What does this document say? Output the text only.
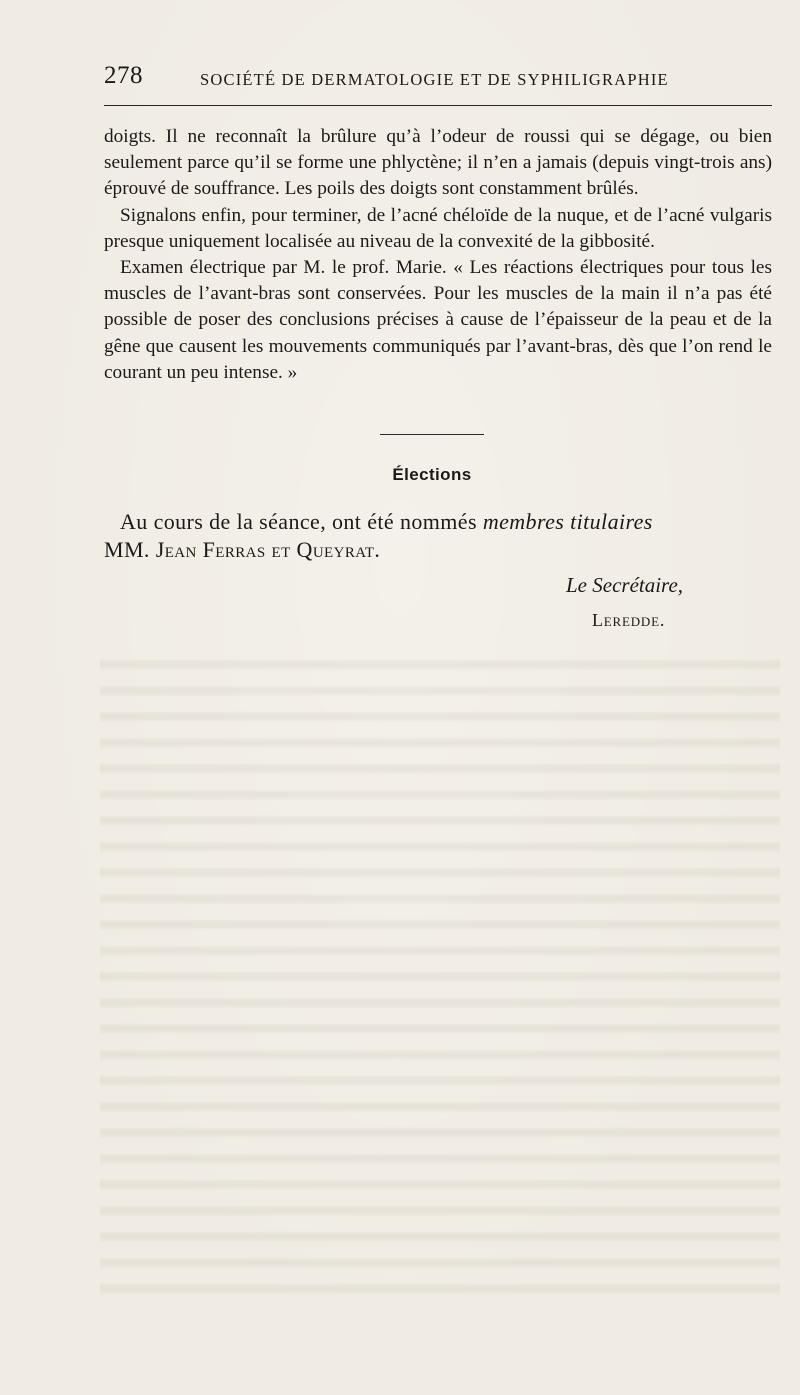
278	SOCIÉTÉ DE DERMATOLOGIE ET DE SYPHILIGRAPHIE

doigts. Il ne reconnaît la brûlure qu’à l’odeur de roussi qui se dégage, ou bien seulement parce qu’il se forme une phlyctène; il n’en a jamais (depuis vingt-trois ans) éprouvé de souffrance. Les poils des doigts sont constamment brûlés.

Signalons enfin, pour terminer, de l’acné chéloïde de la nuque, et de l’acné vulgaris presque uniquement localisée au niveau de la convexité de la gibbosité.

Examen électrique par M. le prof. Marie. « Les réactions électriques pour tous les muscles de l’avant-bras sont conservées. Pour les muscles de la main il n’a pas été possible de poser des conclusions précises à cause de l’épaisseur de la peau et de la gêne que causent les mouvements communiqués par l’avant-bras, dès que l’on rend le courant un peu intense. »

Élections

Au cours de la séance, ont été nommés membres titulaires

MM. Jean Ferras et Queyrat.

Le Secrétaire,
Leredde.
